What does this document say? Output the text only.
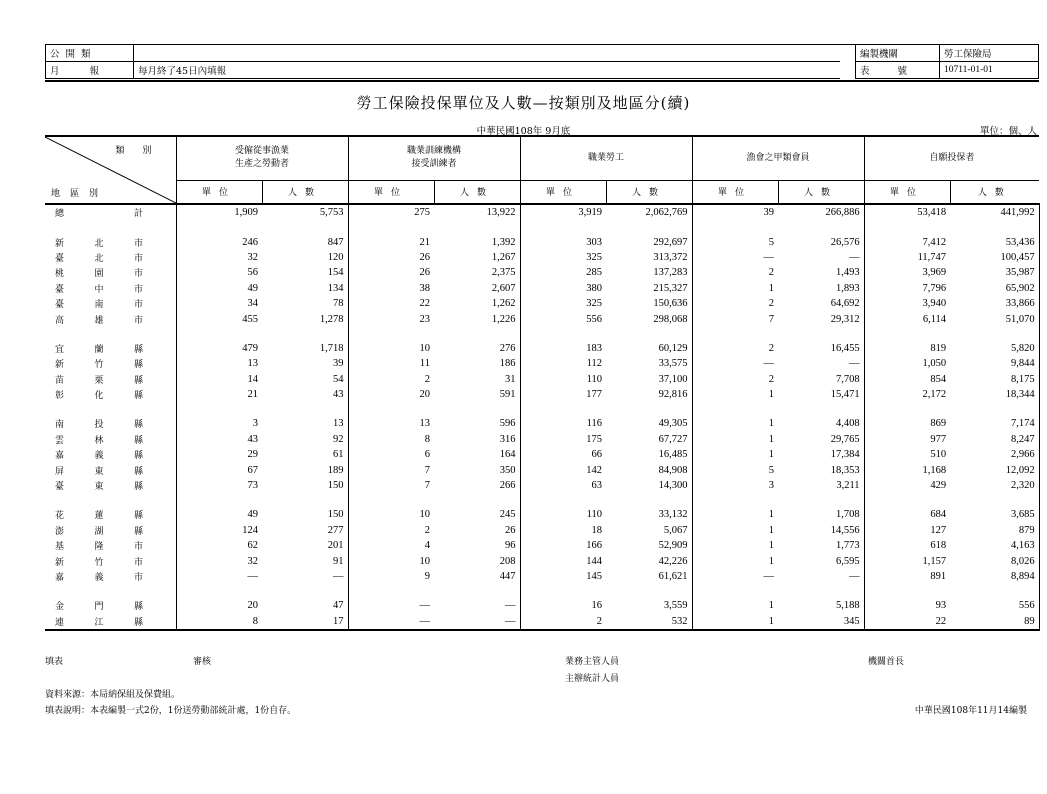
公開類	
月報	每月終了45日內填報
編製機關	勞工保險局
表號	10711-01-01
勞工保險投保單位及人數—按類別及地區分(續)
中華民國108年 9月底	單位：個、人
類別
地區別	受僱從事漁業
生產之勞動者		職業訓練機構
接受訓練者		職業勞工		漁會之甲類會員		自願投保者	
	單位	人數	單位	人數	單位	人數	單位	人數	單位	人數

總 計	1,909	5,753	275	13,922	3,919	2,062,769	39	266,886	53,418	441,992

新 北 市	246	847	21	1,392	303	292,697	5	26,576	7,412	53,436

臺 北 市	32	120	26	1,267	325	313,372	—	—	11,747	100,457

桃 園 市	56	154	26	2,375	285	137,283	2	1,493	3,969	35,987

臺 中 市	49	134	38	2,607	380	215,327	1	1,893	7,796	65,902

臺 南 市	34	78	22	1,262	325	150,636	2	64,692	3,940	33,866

高 雄 市	455	1,278	23	1,226	556	298,068	7	29,312	6,114	51,070

宜 蘭 縣	479	1,718	10	276	183	60,129	2	16,455	819	5,820

新 竹 縣	13	39	11	186	112	33,575	—	—	1,050	9,844

苗 栗 縣	14	54	2	31	110	37,100	2	7,708	854	8,175

彰 化 縣	21	43	20	591	177	92,816	1	15,471	2,172	18,344

南 投 縣	3	13	13	596	116	49,305	1	4,408	869	7,174

雲 林 縣	43	92	8	316	175	67,727	1	29,765	977	8,247

嘉 義 縣	29	61	6	164	66	16,485	1	17,384	510	2,966

屏 東 縣	67	189	7	350	142	84,908	5	18,353	1,168	12,092

臺 東 縣	73	150	7	266	63	14,300	3	3,211	429	2,320

花 蓮 縣	49	150	10	245	110	33,132	1	1,708	684	3,685

澎 湖 縣	124	277	2	26	18	5,067	1	14,556	127	879

基 隆 市	62	201	4	96	166	52,909	1	1,773	618	4,163

新 竹 市	32	91	10	208	144	42,226	1	6,595	1,157	8,026

嘉 義 市	—	—	9	447	145	61,621	—	—	891	8,894

金 門 縣	20	47	—	—	16	3,559	1	5,188	93	556

連 江 縣	8	17	—	—	2	532	1	345	22	89
填表	審核	業務主管人員
主辦統計人員
機關首長
資料來源：本局納保組及保費組。
填表說明：本表編製一式2份，1份送勞動部統計處，1份自存。	中華民國108年11月14編製
